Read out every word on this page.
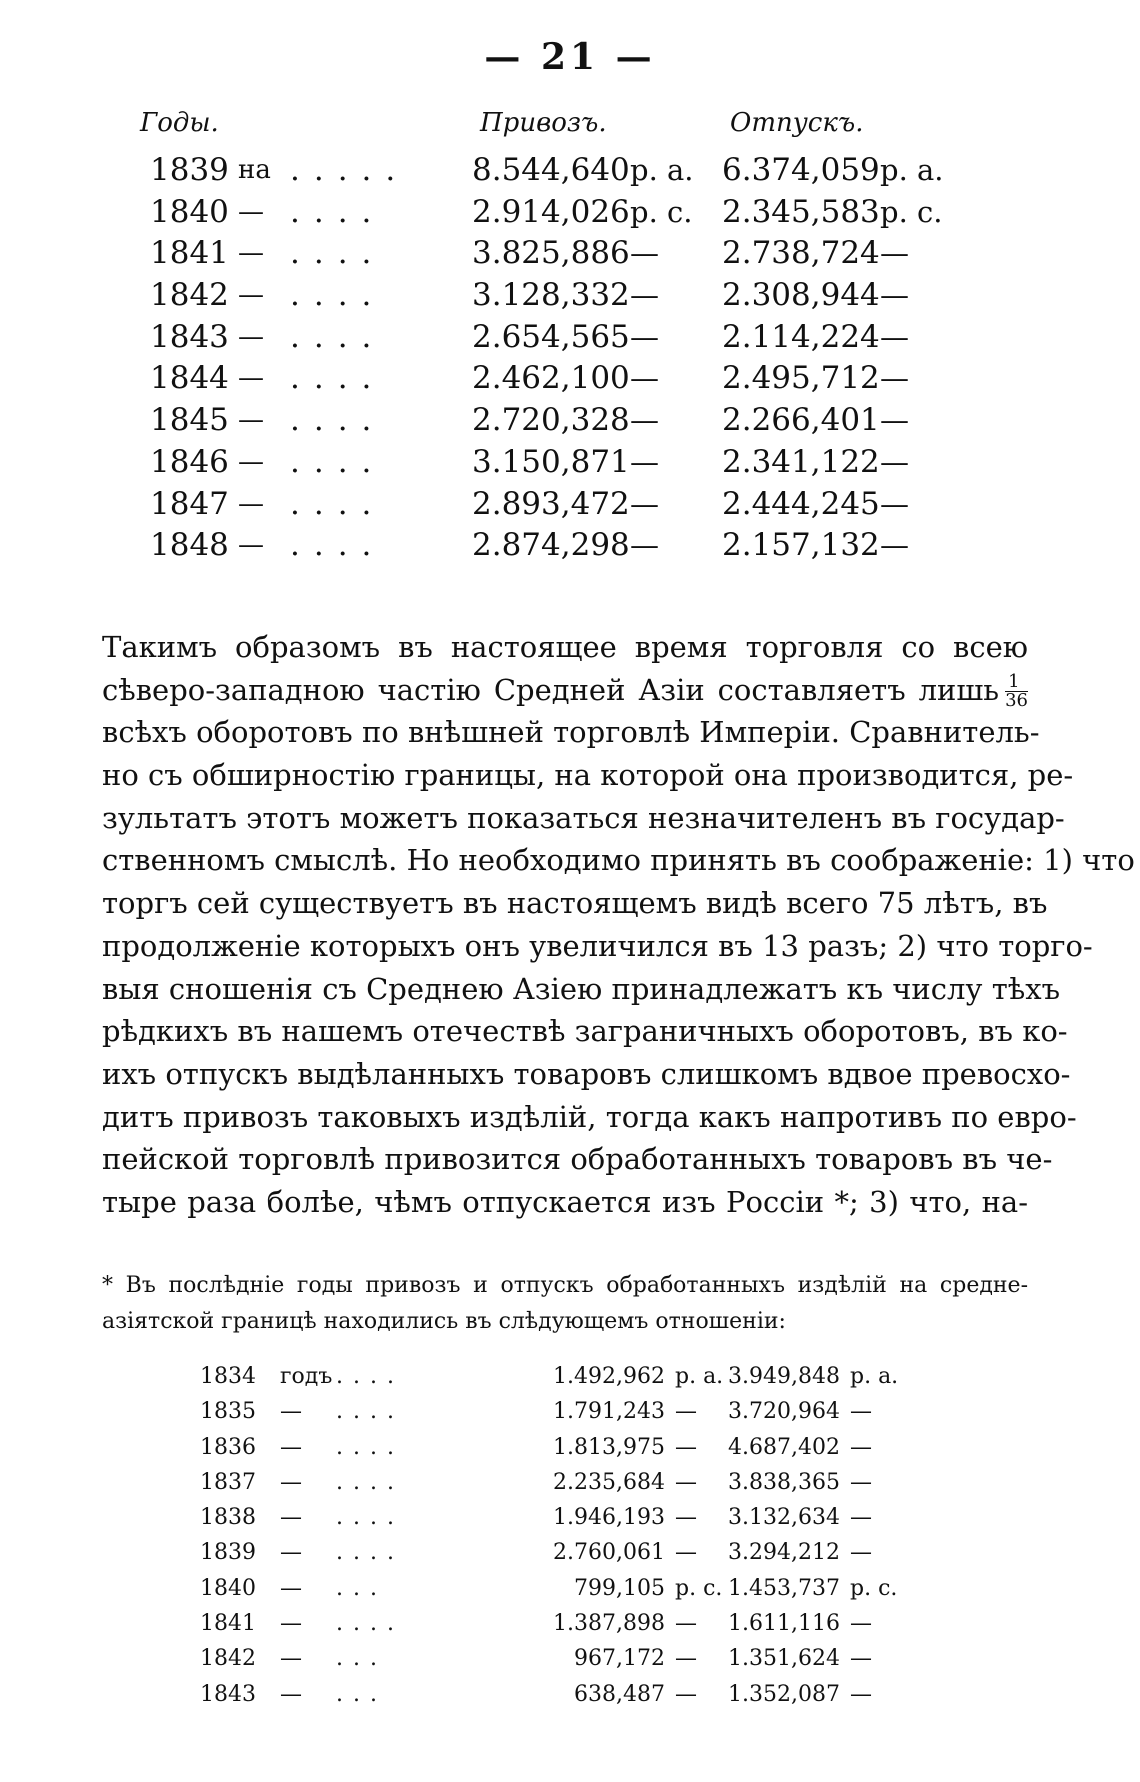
— 21 —
Годы.	Привозъ.	Отпускъ.
1839 на ..... 8.544,640 р. а. 6.374,059 р. а.
1840 — ....	2.914,026 р. с. 2.345,583 р. с.
1841 — ....	3.825,886 — 2.738,724 —
1842 — ....	3.128,332 — 2.308,944 —
1843 — ....	2.654,565 — 2.114,224 —
1844 — ....	2.462,100 — 2.495,712 —
1845 — ....	2.720,328 — 2.266,401 —
1846 — ....	3.150,871 — 2.341,122 —
1847 — ....	2.893,472 — 2.444,245 —
1848 — ....	2.874,298 — 2.157,132 —
Такимъ образомъ въ настоящее время торговля со всею
сѣверо-западною частію Средней Азіи составляетъ лишь $\frac{1}{36}$
всѣхъ оборотовъ по внѣшней торговлѣ Имперіи. Сравнитель-
но съ обширностію границы, на которой она производится, ре-
зультатъ этотъ можетъ показаться незначителенъ въ государ-
ственномъ смыслѣ. Но необходимо принять въ соображеніе: 1) что
торгъ сей существуетъ въ настоящемъ видѣ всего 75 лѣтъ, въ
продолженіе которыхъ онъ увеличился въ 13 разъ; 2) что торго-
выя сношенія съ Среднею Азіею принадлежатъ къ числу тѣхъ
рѣдкихъ въ нашемъ отечествѣ заграничныхъ оборотовъ, въ ко-
ихъ отпускъ выдѣланныхъ товаровъ слишкомъ вдвое превосхо-
дитъ привозъ таковыхъ издѣлій, тогда какъ напротивъ по евро-
пейской торговлѣ привозится обработанныхъ товаровъ въ че-
тыре раза болѣе, чѣмъ отпускается изъ Россіи *; 3) что, на-
* Въ послѣдніе годы привозъ и отпускъ обработанныхъ издѣлій на средне-
азіятской границѣ находились въ слѣдующемъ отношеніи:
1834 годъ ....	1.492,962 р. а. 3.949,848 р. а.
1835 — ....	1.791,243 —	3.720,964 —
1836 — ....	1.813,975 —	4.687,402 —
1837 — ....	2.235,684 —	3.838,365 —
1838 — ....	1.946,193 —	3.132,634 —
1839 — ....	2.760,061 —	3.294,212 —
1840 — ...	799,105 р. с. 1.453,737 р. с.
1841 — ....	1.387,898 —	1.611,116 —
1842 — ...	967,172 —	1.351,624 —
1843 — ...	638,487 —	1.352,087 —
